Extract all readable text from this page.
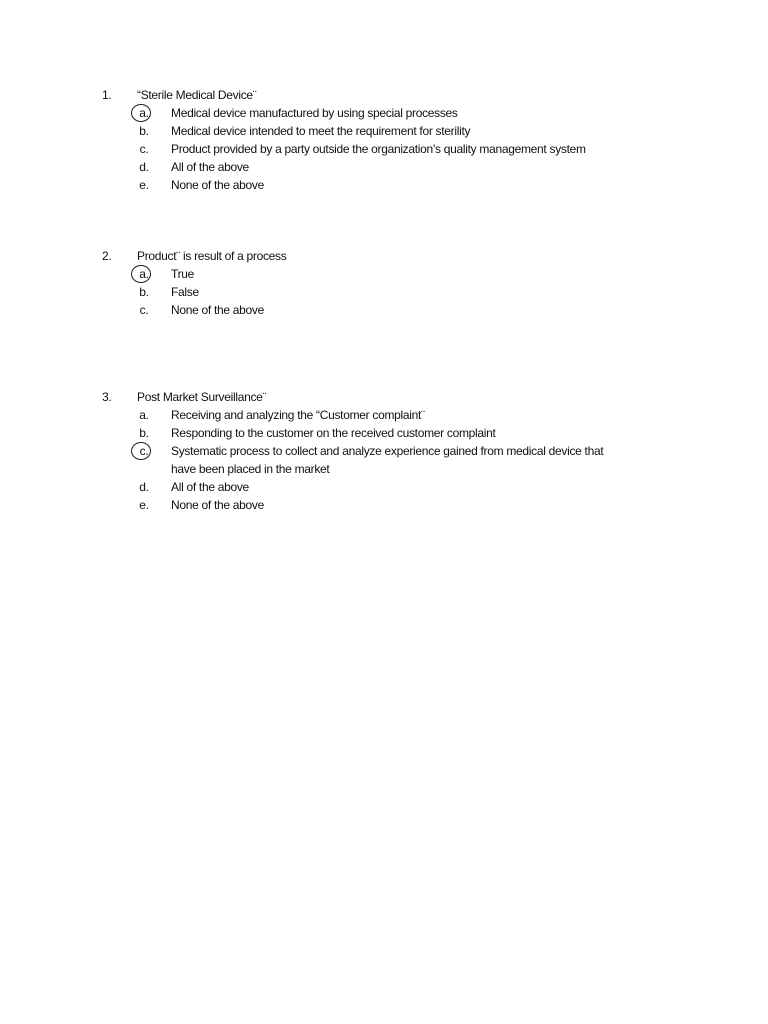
1. “Sterile Medical Device¨
a. Medical device manufactured by using special processes
b. Medical device intended to meet the requirement for sterility
c. Product provided by a party outside the organization’s quality management system
d. All of the above
e. None of the above
2. Product¨ is result of a process
a. True
b. False
c. None of the above
3. Post Market Surveillance¨
a. Receiving and analyzing the “Customer complaint¨
b. Responding to the customer on the received customer complaint
c. Systematic process to collect and analyze experience gained from medical device that have been placed in the market
d. All of the above
e. None of the above
